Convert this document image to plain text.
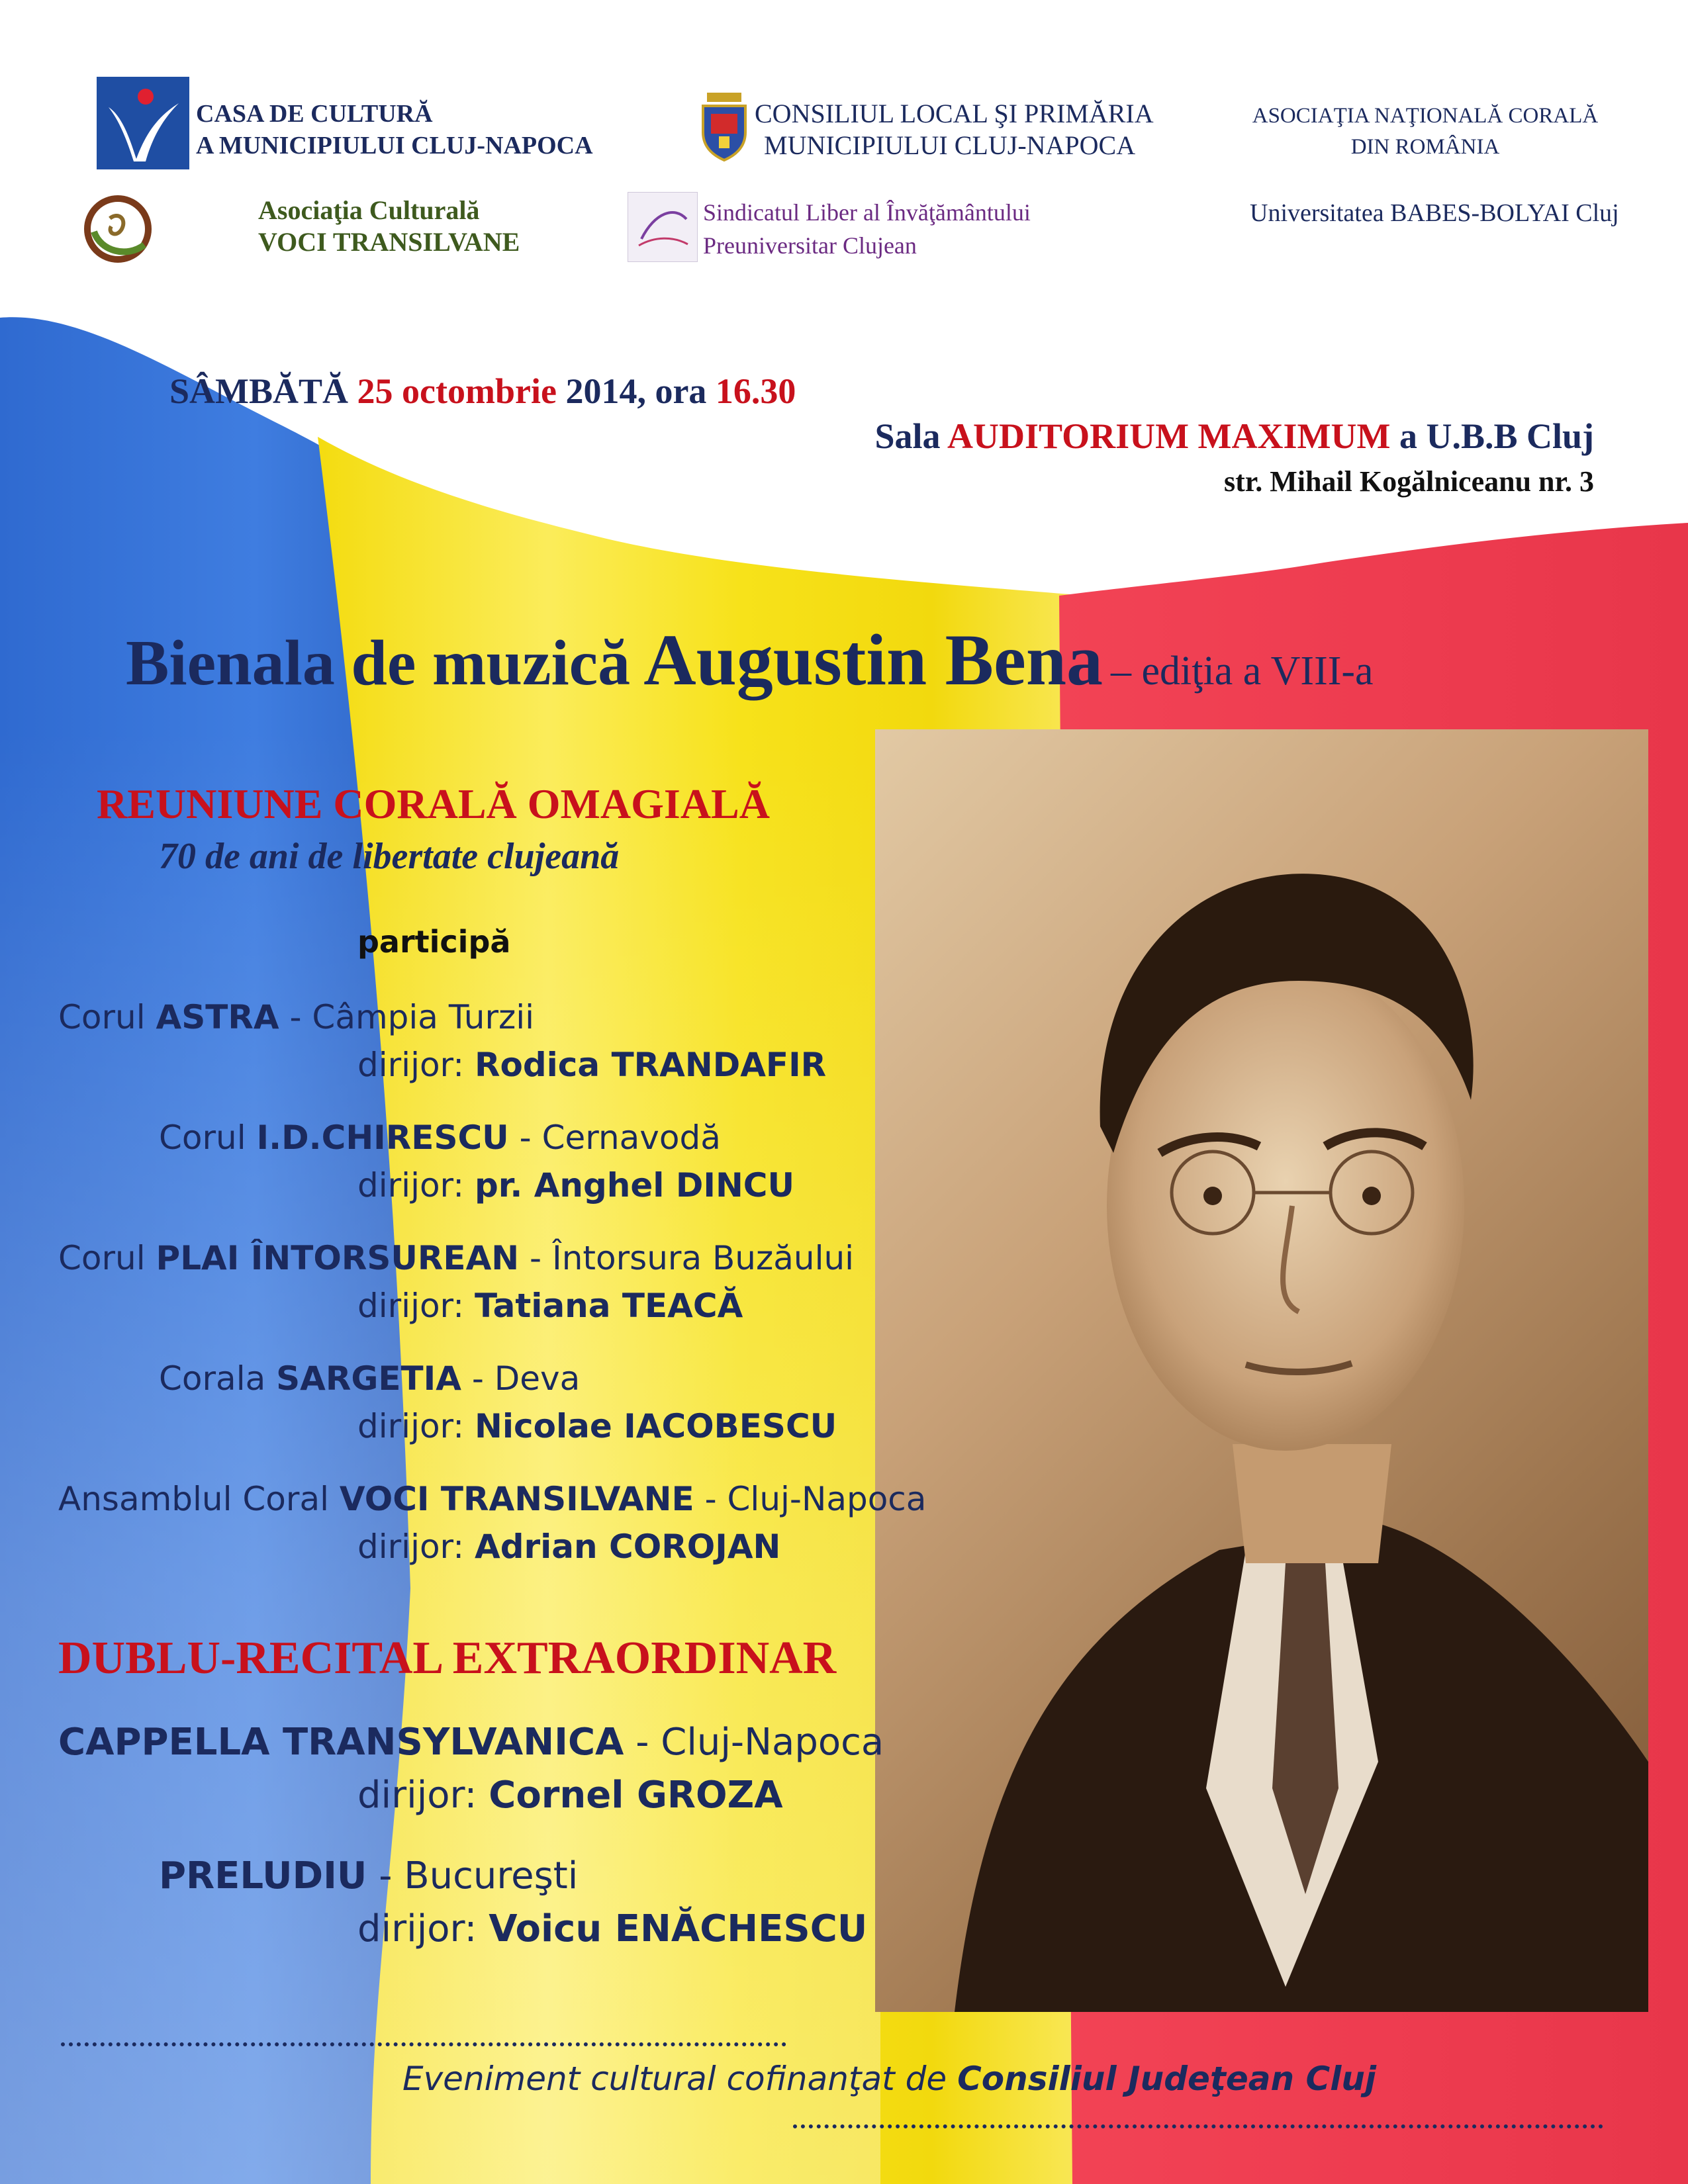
CASA DE CULTURĂ
A MUNICIPIULUI CLUJ-NAPOCA
CONSILIUL LOCAL ŞI PRIMĂRIA
MUNICIPIULUI CLUJ-NAPOCA
ASOCIAŢIA NAŢIONALĂ CORALĂ
DIN ROMÂNIA
Asociaţia Culturală
VOCI TRANSILVANE
Sindicatul Liber al Învăţământului
Preuniversitar Clujean
Universitatea BABES-BOLYAI Cluj
SÂMBĂTĂ 25 octombrie 2014, ora 16.30
Sala AUDITORIUM MAXIMUM a U.B.B Cluj
str. Mihail Kogălniceanu nr. 3
Bienala de muzică Augustin Bena – ediţia a VIII-a
REUNIUNE CORALĂ OMAGIALĂ
70 de ani de libertate clujeană
participă
Corul ASTRA - Câmpia Turzii
dirijor: Rodica TRANDAFIR
Corul I.D.CHIRESCU - Cernavodă
dirijor: pr. Anghel DINCU
Corul PLAI ÎNTORSUREAN - Întorsura Buzăului
dirijor: Tatiana TEACĂ
Corala SARGETIA - Deva
dirijor: Nicolae IACOBESCU
Ansamblul Coral VOCI TRANSILVANE - Cluj-Napoca
dirijor: Adrian COROJAN
DUBLU-RECITAL EXTRAORDINAR
CAPPELLA TRANSYLVANICA - Cluj-Napoca
dirijor: Cornel GROZA
PRELUDIU - Bucureşti
dirijor: Voicu ENĂCHESCU
Eveniment cultural cofinanţat de Consiliul Judeţean Cluj
